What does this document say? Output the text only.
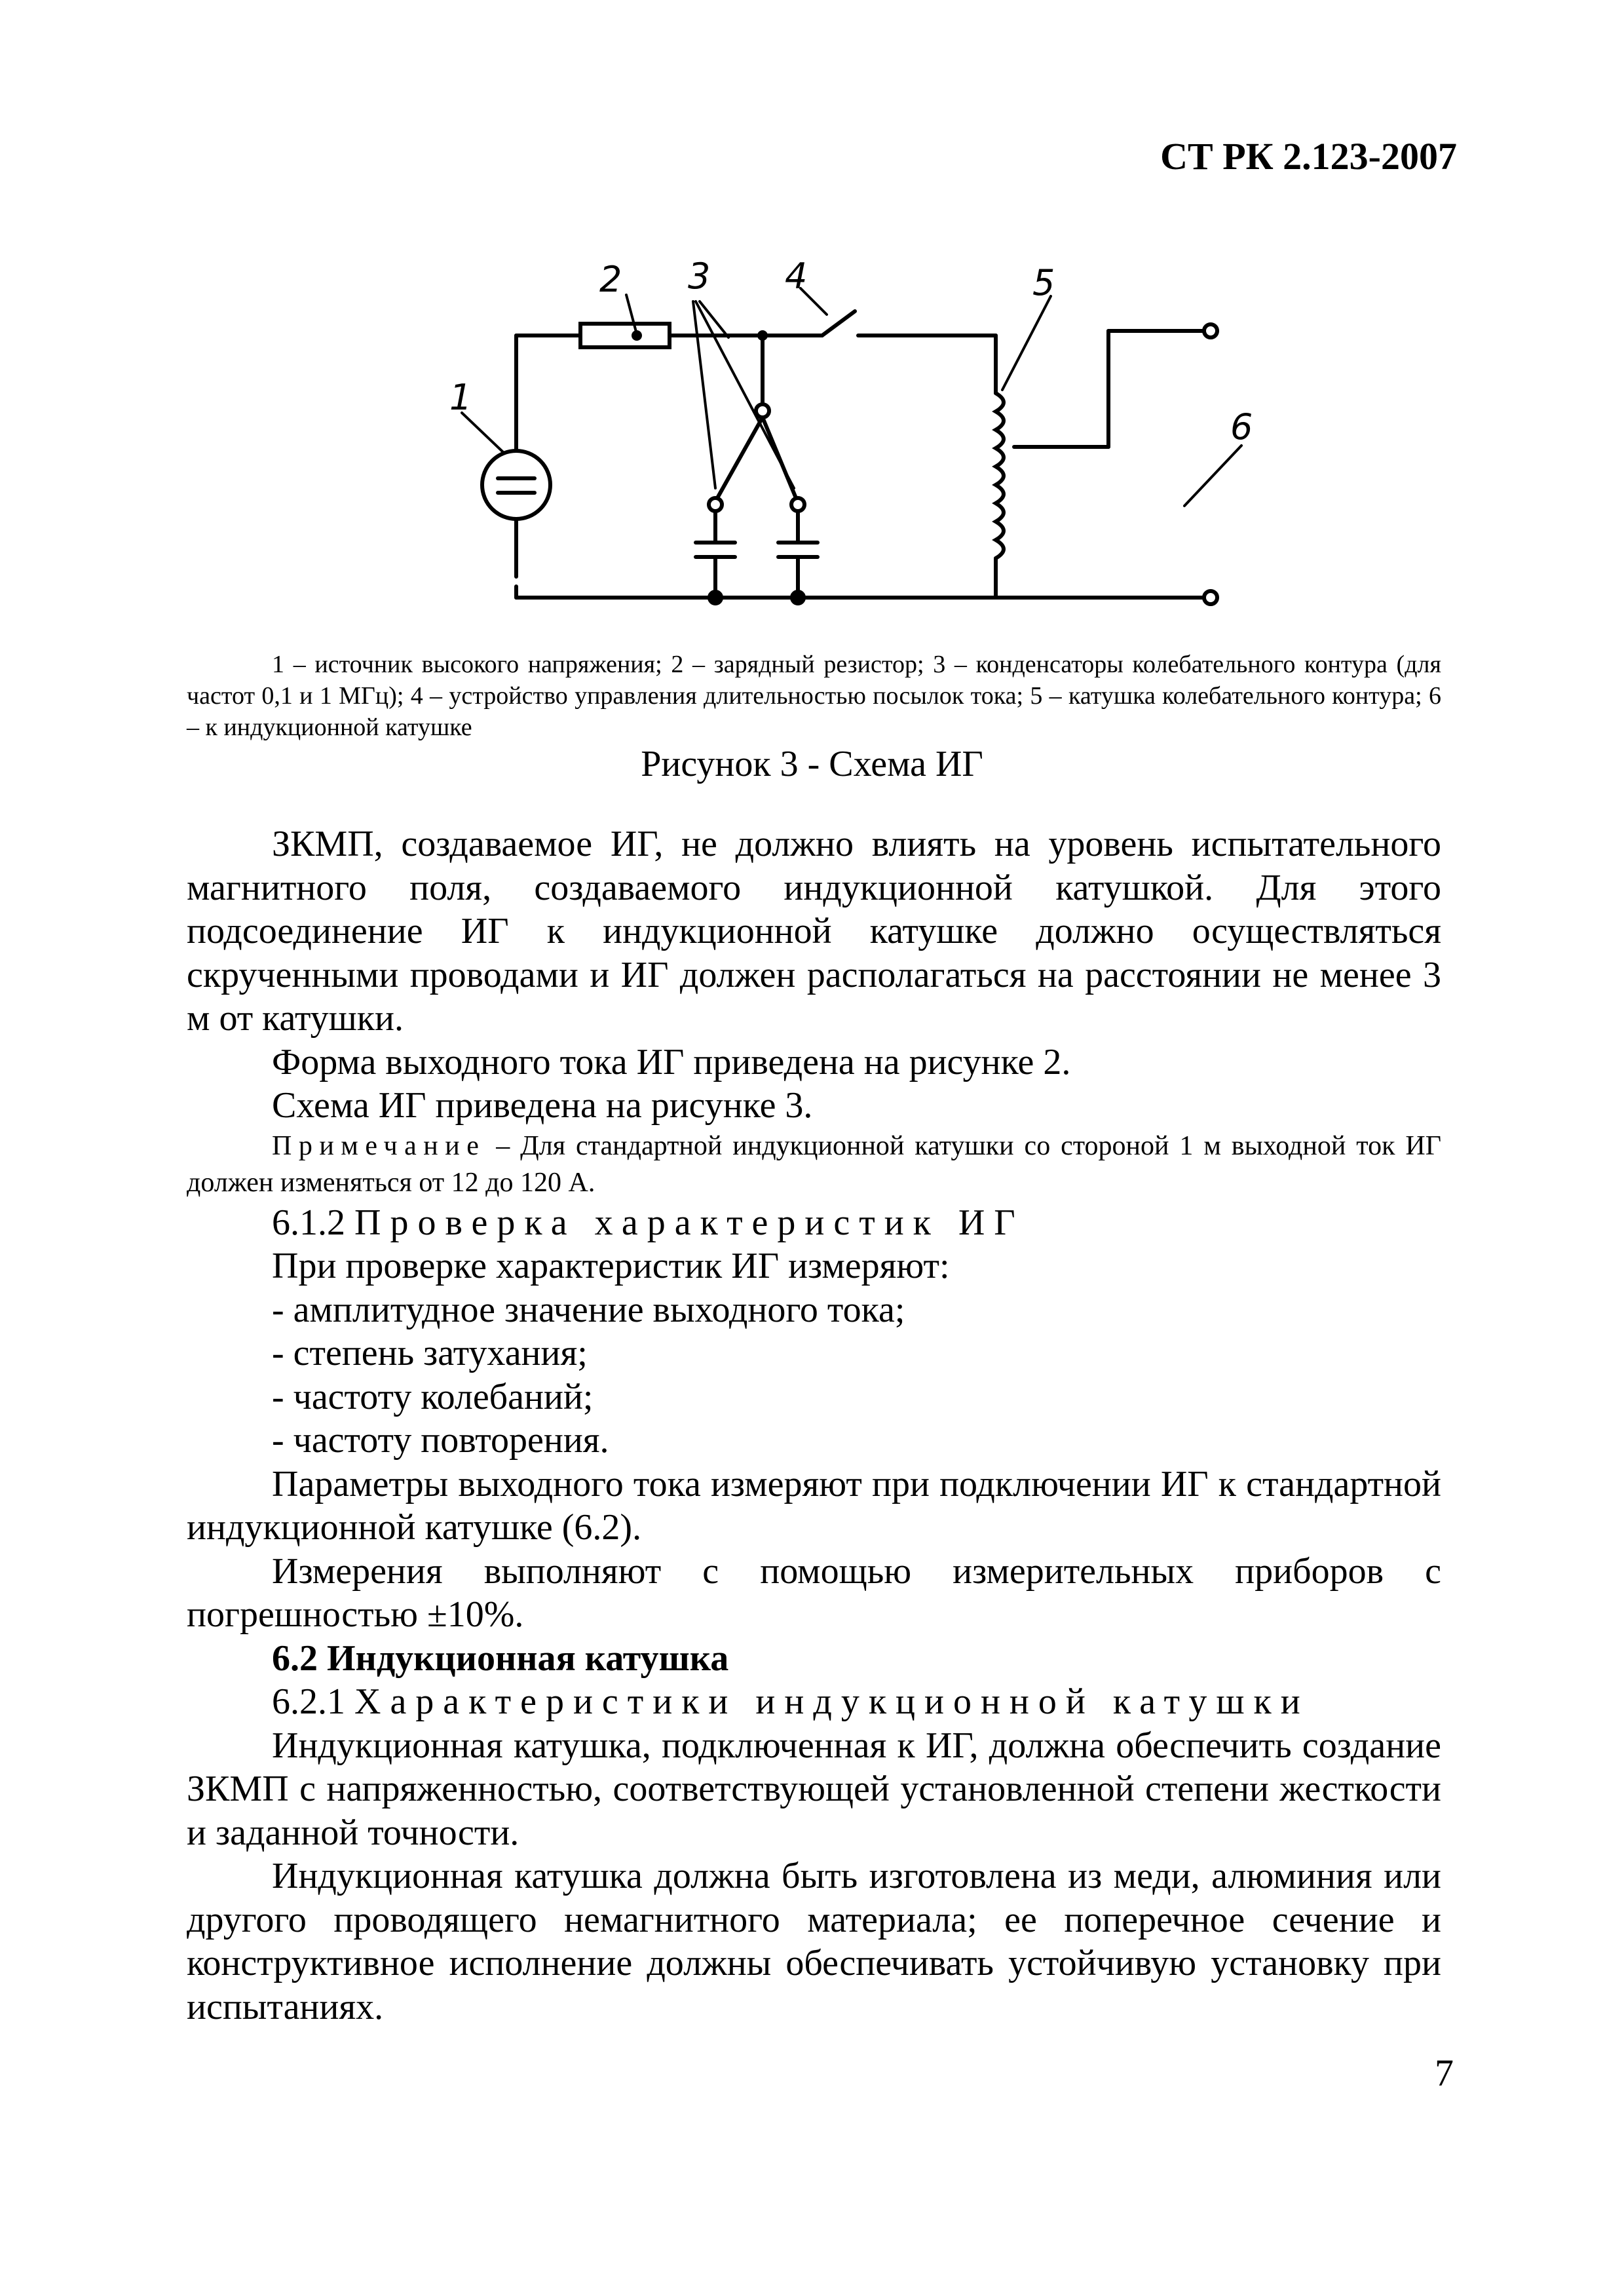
СТ РК 2.123-2007
1
2 3 4	5
6

1 – источник высокого напряжения; 2 – зарядный резистор; 3 – конденсаторы колебательного контура (для частот 0,1 и 1 МГц); 4 – устройство управления длительностью посылок тока; 5 – катушка колебательного контура; 6 – к индукционной катушке

Рисунок 3 - Схема ИГ

ЗКМП, создаваемое ИГ, не должно влиять на уровень испытательного магнитного поля, создаваемого индукционной катушкой. Для этого подсоединение ИГ к индукционной катушке должно осуществляться скрученными проводами и ИГ должен располагаться на расстоянии не менее 3 м от катушки.

Форма выходного тока ИГ приведена на рисунке 2.

Схема ИГ приведена на рисунке 3.

Примечание – Для стандартной индукционной катушки со стороной 1 м выходной ток ИГ должен изменяться от 12 до 120 А.

6.1.2 Проверка характеристик ИГ

При проверке характеристик ИГ измеряют:

- амплитудное значение выходного тока;

- степень затухания;

- частоту колебаний;

- частоту повторения.

Параметры выходного тока измеряют при подключении ИГ к стандартной индукционной катушке (6.2).

Измерения выполняют с помощью измерительных приборов с погрешностью ±10%.

6.2 Индукционная катушка

6.2.1 Характеристики индукционной катушки

Индукционная катушка, подключенная к ИГ, должна обеспечить создание ЗКМП с напряженностью, соответствующей установленной степени жесткости и заданной точности.

Индукционная катушка должна быть изготовлена из меди, алюминия или другого проводящего немагнитного материала; ее поперечное сечение и конструктивное исполнение должны обеспечивать устойчивую установку при испытаниях.

7
